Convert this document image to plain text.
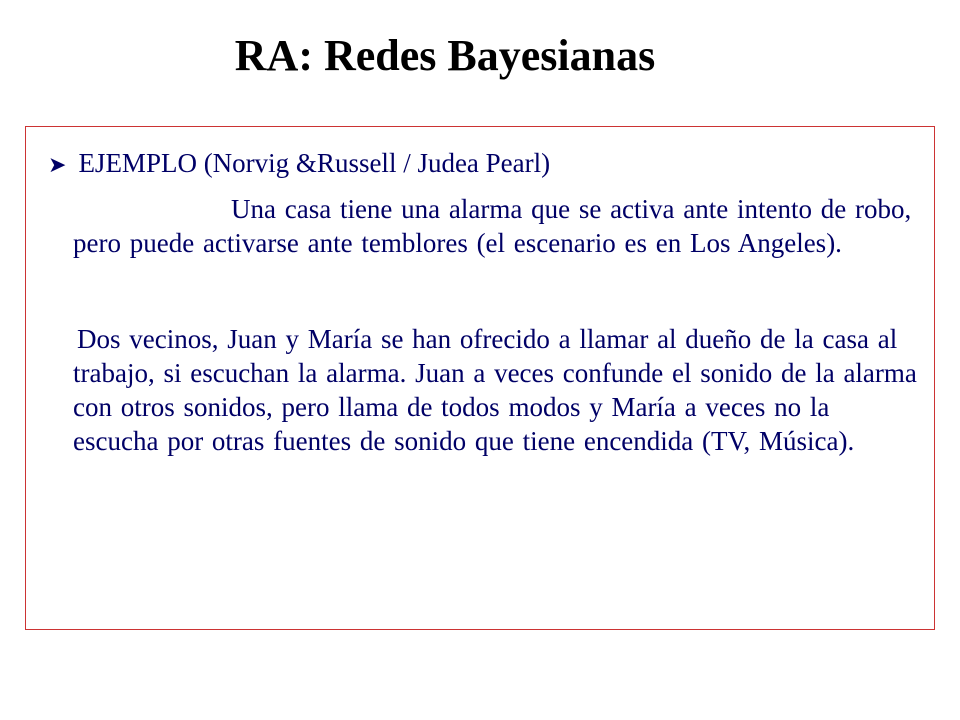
RA: Redes Bayesianas
➤ EJEMPLO (Norvig &Russell / Judea Pearl)
Una casa tiene una alarma que se activa ante intento de robo, pero puede activarse ante temblores (el escenario es en Los Angeles).
Dos vecinos, Juan y María se han ofrecido a llamar al dueño de la casa al trabajo, si escuchan la alarma. Juan a veces confunde el sonido de la alarma con otros sonidos, pero llama de todos modos y María a veces no la escucha por otras fuentes de sonido que tiene encendida (TV, Música).
